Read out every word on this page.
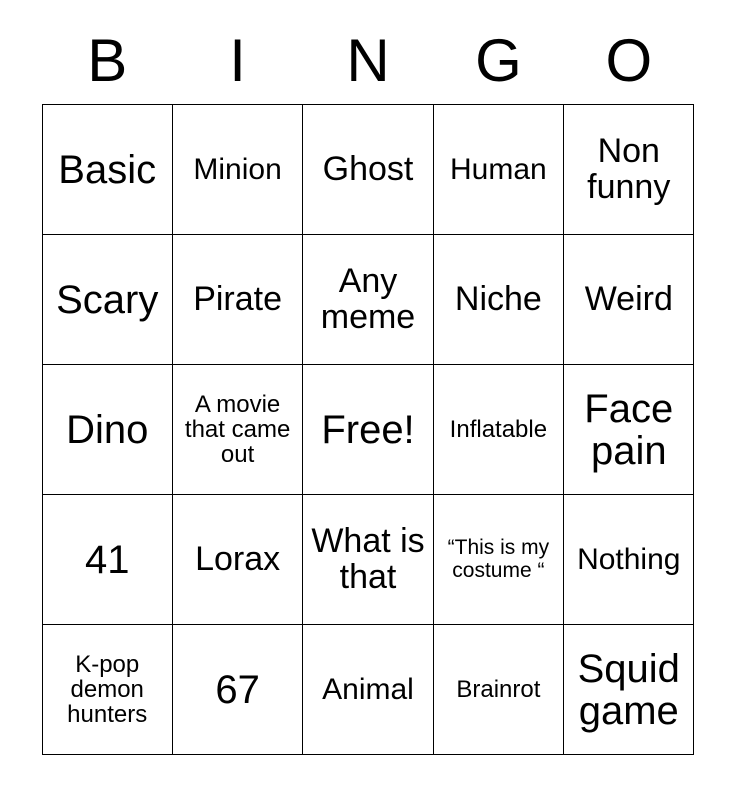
B	I	N	G	O
Basic	Minion	Ghost	Human	Non funny
Scary	Pirate	Any meme	Niche	Weird
Dino	A movie that came out	Free!	Inflatable	Face pain
41	Lorax	What is that	“This is my costume “	Nothing
K-pop demon hunters	67	Animal	Brainrot	Squid game
